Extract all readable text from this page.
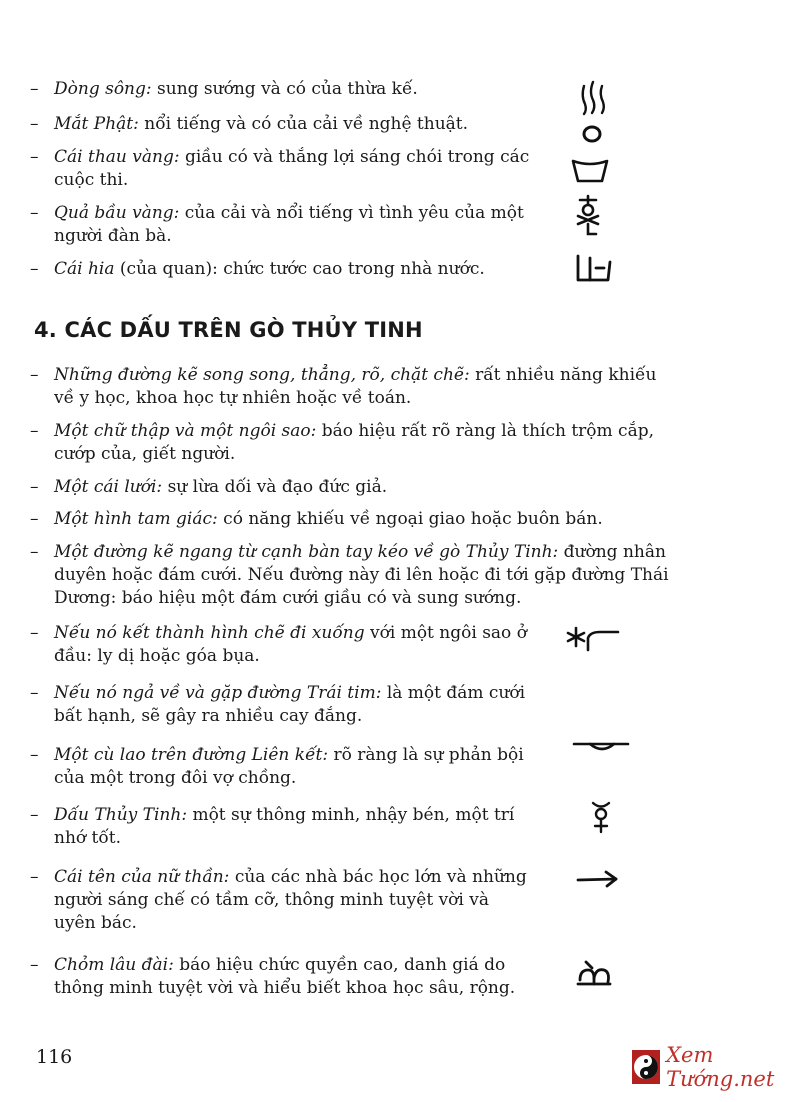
– Dòng sông: sung sướng và có của thừa kế.
– Mắt Phật: nổi tiếng và có của cải về nghệ thuật.
– Cái thau vàng: giầu có và thắng lợi sáng chói trong các cuộc thi.
– Quả bầu vàng: của cải và nổi tiếng vì tình yêu của một người đàn bà.
– Cái hia (của quan): chức tước cao trong nhà nước.
4. CÁC DẤU TRÊN GÒ THỦY TINH
– Những đường kẽ song song, thẳng, rõ, chặt chẽ: rất nhiều năng khiếu về y học, khoa học tự nhiên hoặc về toán.
– Một chữ thập và một ngôi sao: báo hiệu rất rõ ràng là thích trộm cắp, cướp của, giết người.
– Một cái lưới: sự lừa dối và đạo đức giả.
– Một hình tam giác: có năng khiếu về ngoại giao hoặc buôn bán.
– Một đường kẽ ngang từ cạnh bàn tay kéo về gò Thủy Tinh: đường nhân duyên hoặc đám cưới. Nếu đường này đi lên hoặc đi tới gặp đường Thái Dương: báo hiệu một đám cưới giầu có và sung sướng.
– Nếu nó kết thành hình chẽ đi xuống với một ngôi sao ở đầu: ly dị hoặc góa bụa.
– Nếu nó ngả về và gặp đường Trái tim: là một đám cưới bất hạnh, sẽ gây ra nhiều cay đắng.
– Một cù lao trên đường Liên kết: rõ ràng là sự phản bội của một trong đôi vợ chồng.
– Dấu Thủy Tinh: một sự thông minh, nhậy bén, một trí nhớ tốt.
– Cái tên của nữ thần: của các nhà bác học lớn và những người sáng chế có tầm cỡ, thông minh tuyệt vời và uyên bác.
– Chỏm lâu đài: báo hiệu chức quyền cao, danh giá do thông minh tuyệt vời và hiểu biết khoa học sâu, rộng.
116	Xem Tướng.net
